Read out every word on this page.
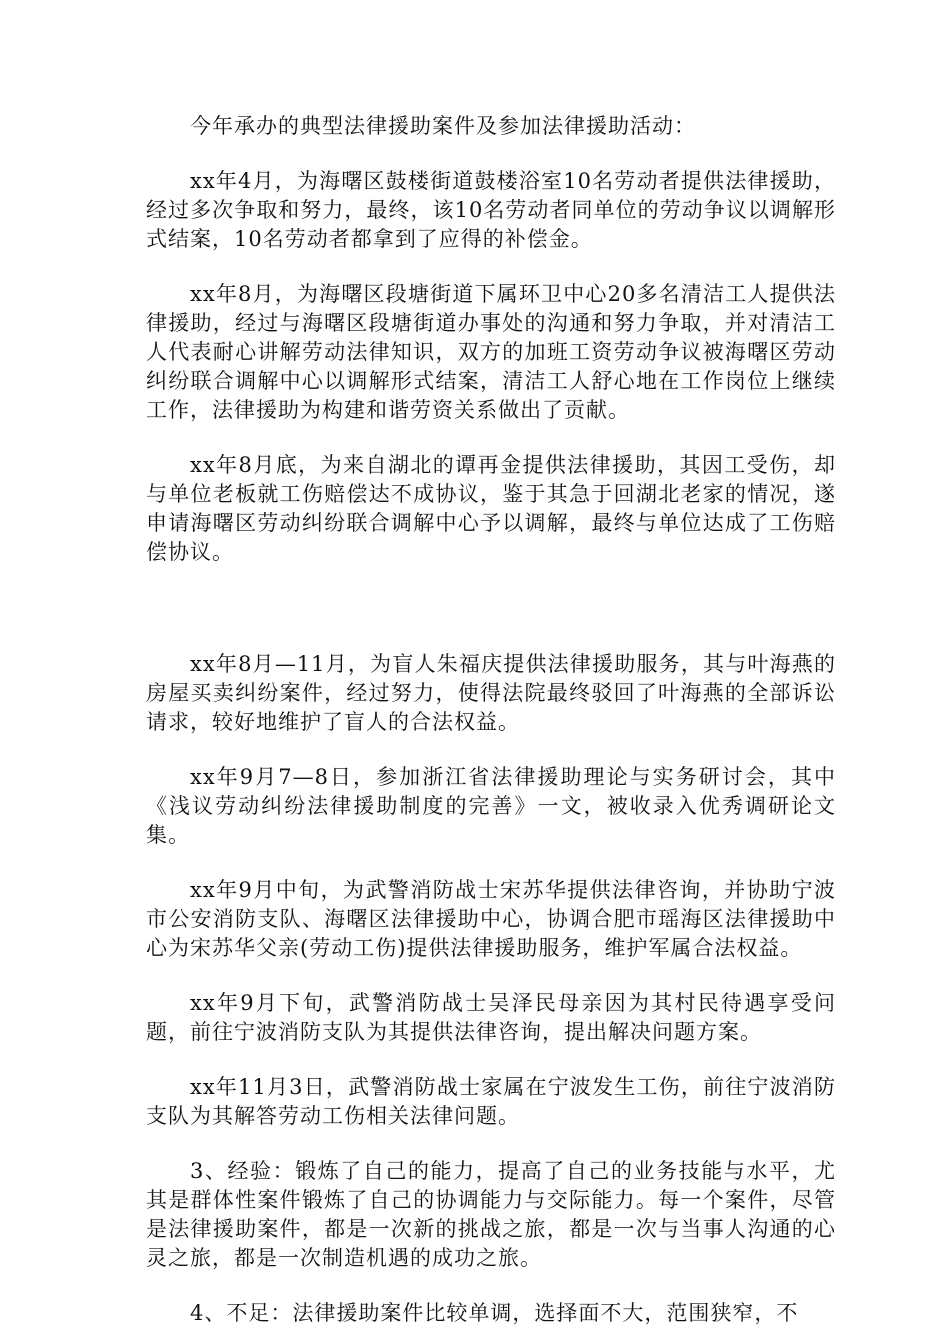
今年承办的典型法律援助案件及参加法律援助活动：

xx年4月，为海曙区鼓楼街道鼓楼浴室10名劳动者提供法律援助，经过多次争取和努力，最终，该10名劳动者同单位的劳动争议以调解形式结案，10名劳动者都拿到了应得的补偿金。

xx年8月，为海曙区段塘街道下属环卫中心20多名清洁工人提供法律援助，经过与海曙区段塘街道办事处的沟通和努力争取，并对清洁工人代表耐心讲解劳动法律知识，双方的加班工资劳动争议被海曙区劳动纠纷联合调解中心以调解形式结案，清洁工人舒心地在工作岗位上继续工作，法律援助为构建和谐劳资关系做出了贡献。

xx年8月底，为来自湖北的谭再金提供法律援助，其因工受伤，却与单位老板就工伤赔偿达不成协议，鉴于其急于回湖北老家的情况，遂申请海曙区劳动纠纷联合调解中心予以调解，最终与单位达成了工伤赔偿协议。

xx年8月—11月，为盲人朱福庆提供法律援助服务，其与叶海燕的房屋买卖纠纷案件，经过努力，使得法院最终驳回了叶海燕的全部诉讼请求，较好地维护了盲人的合法权益。

xx年9月7—8日，参加浙江省法律援助理论与实务研讨会，其中《浅议劳动纠纷法律援助制度的完善》一文，被收录入优秀调研论文集。

xx年9月中旬，为武警消防战士宋苏华提供法律咨询，并协助宁波市公安消防支队、海曙区法律援助中心，协调合肥市瑶海区法律援助中心为宋苏华父亲(劳动工伤)提供法律援助服务，维护军属合法权益。

xx年9月下旬，武警消防战士吴泽民母亲因为其村民待遇享受问题，前往宁波消防支队为其提供法律咨询，提出解决问题方案。

xx年11月3日，武警消防战士家属在宁波发生工伤，前往宁波消防支队为其解答劳动工伤相关法律问题。

3、经验：锻炼了自己的能力，提高了自己的业务技能与水平，尤其是群体性案件锻炼了自己的协调能力与交际能力。每一个案件，尽管是法律援助案件，都是一次新的挑战之旅，都是一次与当事人沟通的心灵之旅，都是一次制造机遇的成功之旅。

4、不足：法律援助案件比较单调，选择面不大，范围狭窄，不
